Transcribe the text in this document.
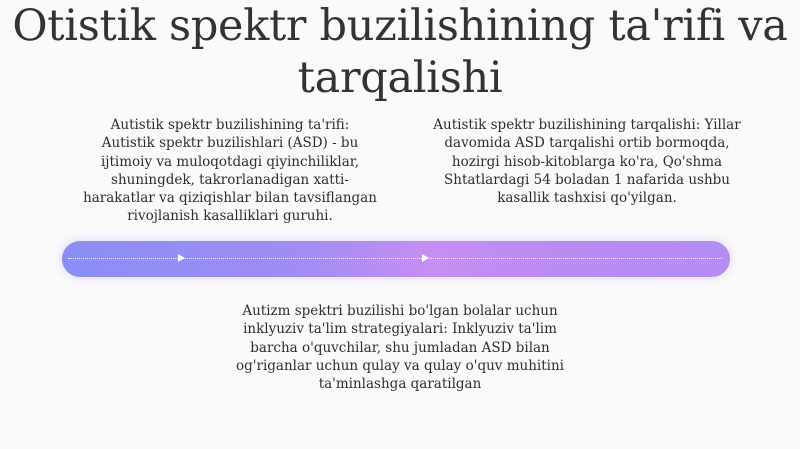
Otistik spektr buzilishining ta'rifi va tarqalishi
Autistik spektr buzilishining ta'rifi: Autistik spektr buzilishlari (ASD) - bu ijtimoiy va muloqotdagi qiyinchiliklar, shuningdek, takrorlanadigan xatti-harakatlar va qiziqishlar bilan tavsiflangan rivojlanish kasalliklari guruhi.
Autistik spektr buzilishining tarqalishi: Yillar davomida ASD tarqalishi ortib bormoqda, hozirgi hisob-kitoblarga ko'ra, Qo'shma Shtatlardagi 54 boladan 1 nafarida ushbu kasallik tashxisi qo'yilgan.
Autizm spektri buzilishi bo'lgan bolalar uchun inklyuziv ta'lim strategiyalari: Inklyuziv ta'lim barcha o'quvchilar, shu jumladan ASD bilan og'riganlar uchun qulay va qulay o'quv muhitini ta'minlashga qaratilgan
